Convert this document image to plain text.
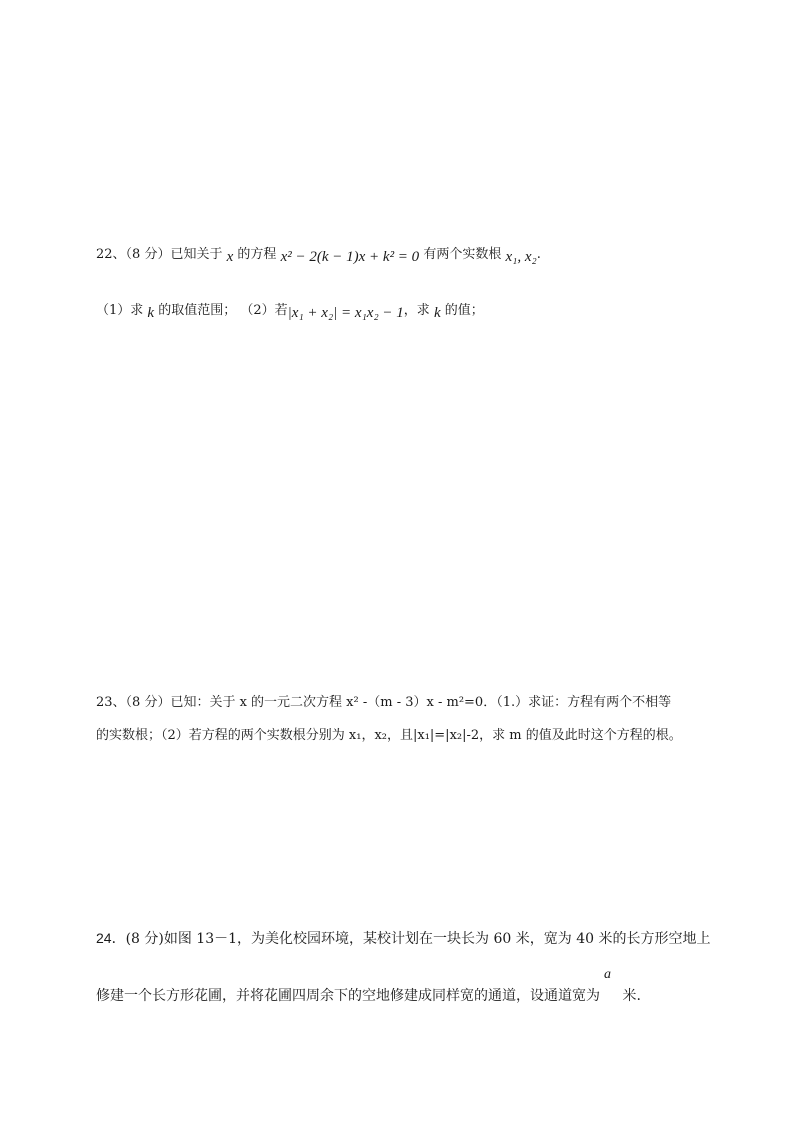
22、（8 分）已知关于 x 的方程 x² − 2(k − 1)x + k² = 0 有两个实数根 x₁, x₂.
（1）求 k 的取值范围； （2）若|x₁ + x₂| = x₁x₂ − 1，求 k 的值；
23、（8 分）已知：关于 x 的一元二次方程 x² -（m - 3）x - m²=0．（1.）求证：方程有两个不相等
的实数根；（2）若方程的两个实数根分别为 x₁，x₂，且|x₁|=|x₂|-2，求 m 的值及此时这个方程的根。
24．(8 分)如图 13－1，为美化校园环境，某校计划在一块长为 60 米，宽为 40 米的长方形空地上
a
修建一个长方形花圃，并将花圃四周余下的空地修建成同样宽的通道，设通道宽为 米.
